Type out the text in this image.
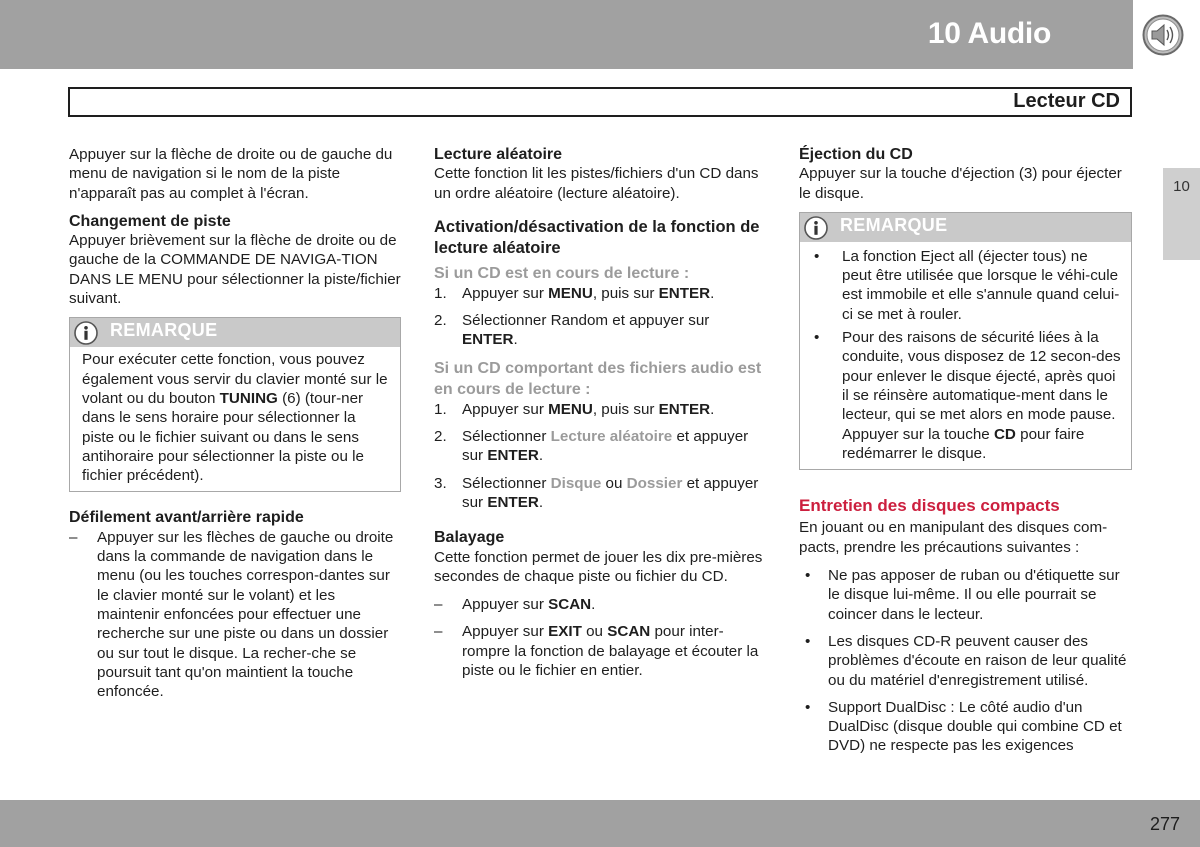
10 Audio
Lecteur CD
10

Appuyer sur la flèche de droite ou de gauche du menu de navigation si le nom de la piste n'apparaît pas au complet à l'écran.

Changement de piste
Appuyer brièvement sur la flèche de droite ou de gauche de la COMMANDE DE NAVIGA-TION DANS LE MENU pour sélectionner la piste/fichier suivant.
REMARQUE
Pour exécuter cette fonction, vous pouvez également vous servir du clavier monté sur le volant ou du bouton TUNING (6) (tour-ner dans le sens horaire pour sélectionner la piste ou le fichier suivant ou dans le sens antihoraire pour sélectionner la piste ou le fichier précédent).
Défilement avant/arrière rapide
–	Appuyer sur les flèches de gauche ou droite dans la commande de navigation dans le menu (ou les touches correspon-dantes sur le clavier monté sur le volant) et les maintenir enfoncées pour effectuer une recherche sur une piste ou dans un dossier ou sur tout le disque. La recher-che se poursuit tant qu'on maintient la touche enfoncée.
Lecture aléatoire
Cette fonction lit les pistes/fichiers d'un CD dans un ordre aléatoire (lecture aléatoire).
Activation/désactivation de la fonction de lecture aléatoire
Si un CD est en cours de lecture :
1.	Appuyer sur MENU, puis sur ENTER.
2.	Sélectionner Random et appuyer sur ENTER.
Si un CD comportant des fichiers audio est en cours de lecture :
1.	Appuyer sur MENU, puis sur ENTER.
2.	Sélectionner Lecture aléatoire et appuyer sur ENTER.
3.	Sélectionner Disque ou Dossier et appuyer sur ENTER.
Balayage
Cette fonction permet de jouer les dix pre-mières secondes de chaque piste ou fichier du CD.
–	Appuyer sur SCAN.
–	Appuyer sur EXIT ou SCAN pour inter-rompre la fonction de balayage et écouter la piste ou le fichier en entier.
Éjection du CD
Appuyer sur la touche d'éjection (3) pour éjecter le disque.
REMARQUE
•	La fonction Eject all (éjecter tous) ne peut être utilisée que lorsque le véhi-cule est immobile et elle s'annule quand celui-ci se met à rouler.
•	Pour des raisons de sécurité liées à la conduite, vous disposez de 12 secon-des pour enlever le disque éjecté, après quoi il se réinsère automatique-ment dans le lecteur, qui se met alors en mode pause. Appuyer sur la touche CD pour faire redémarrer le disque.
Entretien des disques compacts
En jouant ou en manipulant des disques com-pacts, prendre les précautions suivantes :
•	Ne pas apposer de ruban ou d'étiquette sur le disque lui-même. Il ou elle pourrait se coincer dans le lecteur.
•	Les disques CD-R peuvent causer des problèmes d'écoute en raison de leur qualité ou du matériel d'enregistrement utilisé.
•	Support DualDisc : Le côté audio d'un DualDisc (disque double qui combine CD et DVD) ne respecte pas les exigences
277
